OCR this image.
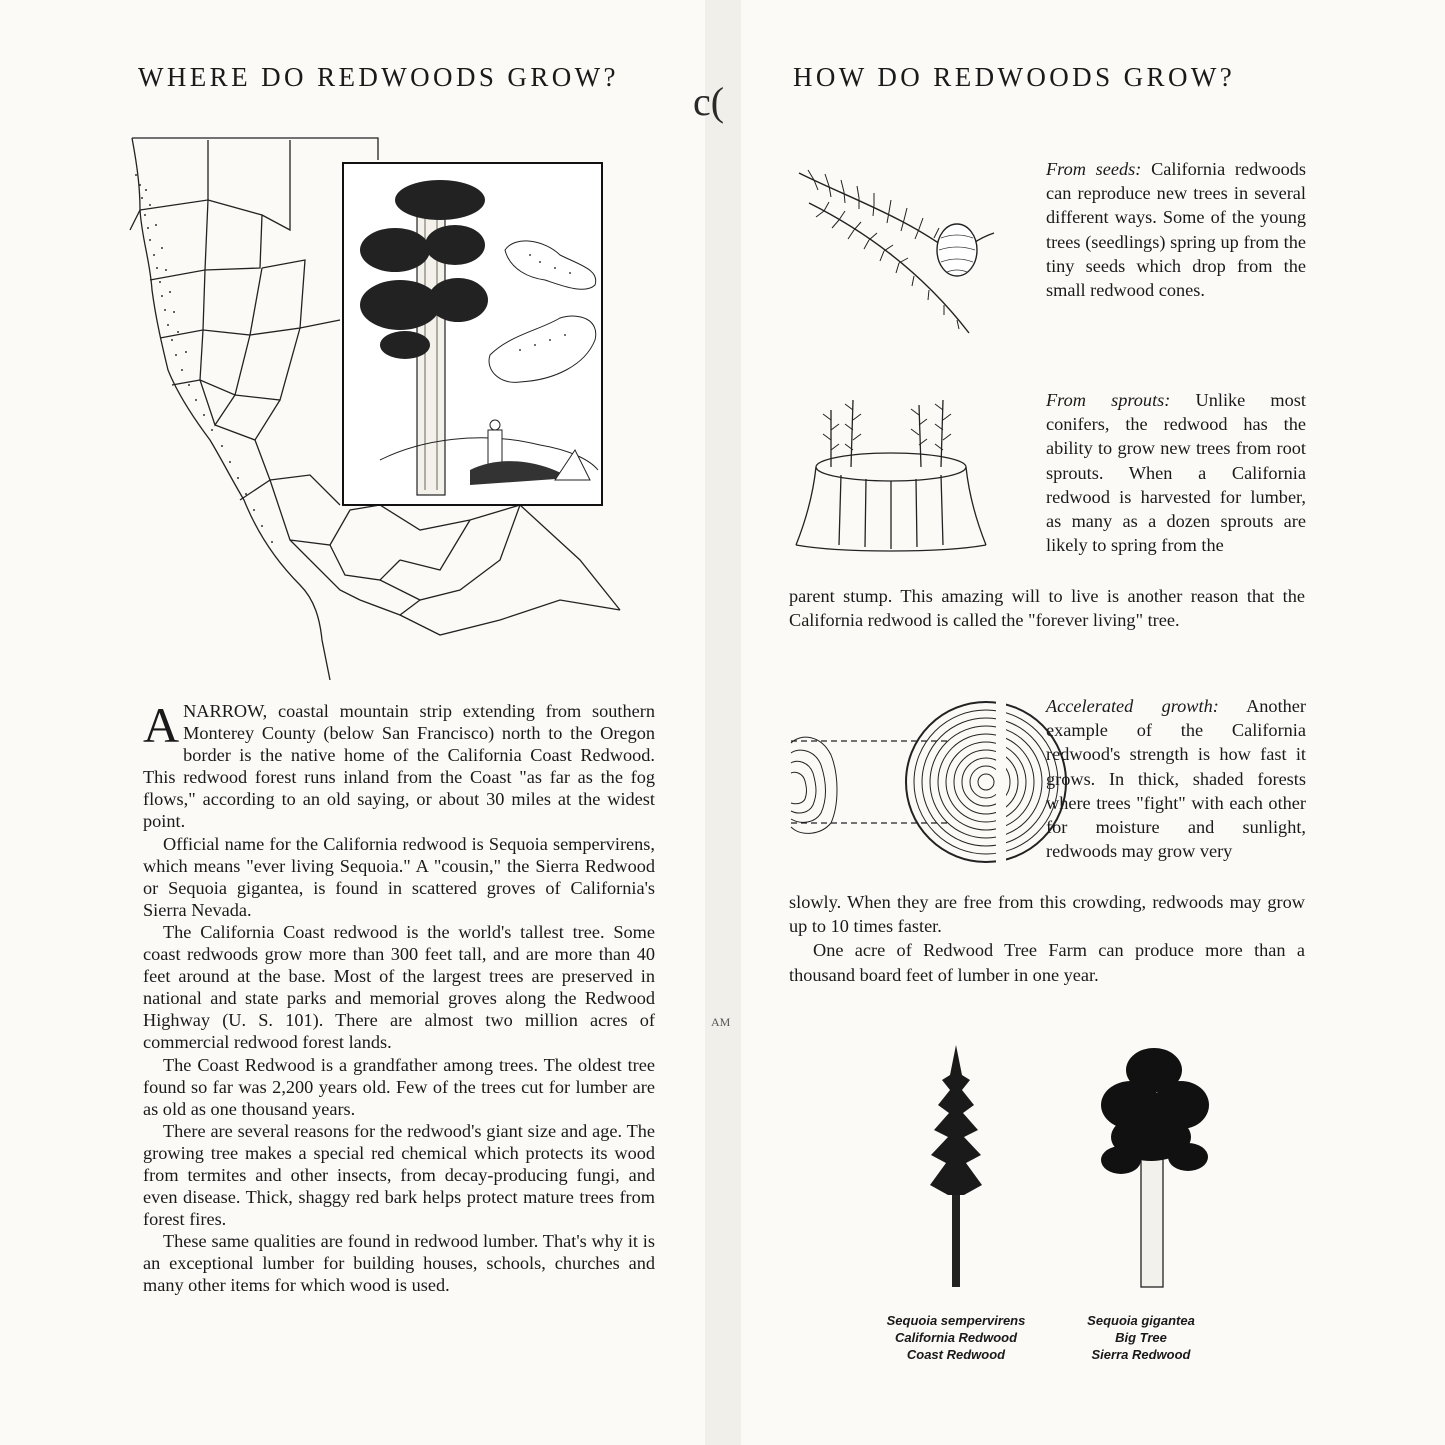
WHERE DO REDWOODS GROW?

ANARROW, coastal mountain strip extending from southern Monterey County (below San Francisco) north to the Oregon border is the native home of the California Coast Redwood. This redwood forest runs inland from the Coast "as far as the fog flows," according to an old saying, or about 30 miles at the widest point.

Official name for the California redwood is Sequoia sempervirens, which means "ever living Sequoia." A "cousin," the Sierra Redwood or Sequoia gigantea, is found in scattered groves of California's Sierra Nevada.

The California Coast redwood is the world's tallest tree. Some coast redwoods grow more than 300 feet tall, and are more than 40 feet around at the base. Most of the largest trees are preserved in national and state parks and memorial groves along the Redwood Highway (U. S. 101). There are almost two million acres of commercial redwood forest lands.

The Coast Redwood is a grandfather among trees. The oldest tree found so far was 2,200 years old. Few of the trees cut for lumber are as old as one thousand years.

There are several reasons for the redwood's giant size and age. The growing tree makes a special red chemical which protects its wood from termites and other insects, from decay-producing fungi, and even disease. Thick, shaggy red bark helps protect mature trees from forest fires.

These same qualities are found in redwood lumber. That's why it is an exceptional lumber for building houses, schools, churches and many other items for which wood is used.

c(
AM
HOW DO REDWOODS GROW?

From seeds: California redwoods can reproduce new trees in several different ways. Some of the young trees (seedlings) spring up from the tiny seeds which drop from the small redwood cones.

From sprouts: Unlike most conifers, the redwood has the ability to grow new trees from root sprouts. When a California redwood is harvested for lumber, as many as a dozen sprouts are likely to spring from the

parent stump. This amazing will to live is another reason that the California redwood is called the "forever living" tree.

Accelerated growth: Another example of the California redwood's strength is how fast it grows. In thick, shaded forests where trees "fight" with each other for moisture and sunlight, redwoods may grow very

slowly. When they are free from this crowding, redwoods may grow up to 10 times faster.

One acre of Redwood Tree Farm can produce more than a thousand board feet of lumber in one year.

Sequoia sempervirens
California Redwood
Coast Redwood
Sequoia gigantea
Big Tree
Sierra Redwood
